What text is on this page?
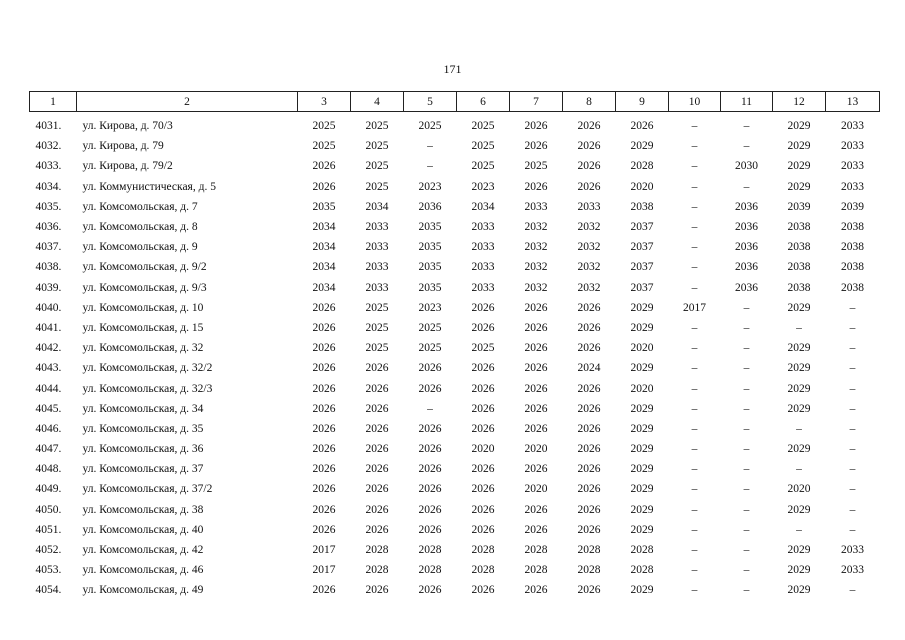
171
1	2	3	4	5	6	7	8	9	10	11	12	13
4031.	ул. Кирова, д. 70/3	2025	2025	2025	2025	2026	2026	2026	–	–	2029	2033
4032.	ул. Кирова, д. 79	2025	2025	–	2025	2026	2026	2029	–	–	2029	2033
4033.	ул. Кирова, д. 79/2	2026	2025	–	2025	2025	2026	2028	–	2030	2029	2033
4034.	ул. Коммунистическая, д. 5	2026	2025	2023	2023	2026	2026	2020	–	–	2029	2033
4035.	ул. Комсомольская, д. 7	2035	2034	2036	2034	2033	2033	2038	–	2036	2039	2039
4036.	ул. Комсомольская, д. 8	2034	2033	2035	2033	2032	2032	2037	–	2036	2038	2038
4037.	ул. Комсомольская, д. 9	2034	2033	2035	2033	2032	2032	2037	–	2036	2038	2038
4038.	ул. Комсомольская, д. 9/2	2034	2033	2035	2033	2032	2032	2037	–	2036	2038	2038
4039.	ул. Комсомольская, д. 9/3	2034	2033	2035	2033	2032	2032	2037	–	2036	2038	2038
4040.	ул. Комсомольская, д. 10	2026	2025	2023	2026	2026	2026	2029	2017	–	2029	–
4041.	ул. Комсомольская, д. 15	2026	2025	2025	2026	2026	2026	2029	–	–	–	–
4042.	ул. Комсомольская, д. 32	2026	2025	2025	2025	2026	2026	2020	–	–	2029	–
4043.	ул. Комсомольская, д. 32/2	2026	2026	2026	2026	2026	2024	2029	–	–	2029	–
4044.	ул. Комсомольская, д. 32/3	2026	2026	2026	2026	2026	2026	2020	–	–	2029	–
4045.	ул. Комсомольская, д. 34	2026	2026	–	2026	2026	2026	2029	–	–	2029	–
4046.	ул. Комсомольская, д. 35	2026	2026	2026	2026	2026	2026	2029	–	–	–	–
4047.	ул. Комсомольская, д. 36	2026	2026	2026	2020	2020	2026	2029	–	–	2029	–
4048.	ул. Комсомольская, д. 37	2026	2026	2026	2026	2026	2026	2029	–	–	–	–
4049.	ул. Комсомольская, д. 37/2	2026	2026	2026	2026	2020	2026	2029	–	–	2020	–
4050.	ул. Комсомольская, д. 38	2026	2026	2026	2026	2026	2026	2029	–	–	2029	–
4051.	ул. Комсомольская, д. 40	2026	2026	2026	2026	2026	2026	2029	–	–	–	–
4052.	ул. Комсомольская, д. 42	2017	2028	2028	2028	2028	2028	2028	–	–	2029	2033
4053.	ул. Комсомольская, д. 46	2017	2028	2028	2028	2028	2028	2028	–	–	2029	2033
4054.	ул. Комсомольская, д. 49	2026	2026	2026	2026	2026	2026	2029	–	–	2029	–
